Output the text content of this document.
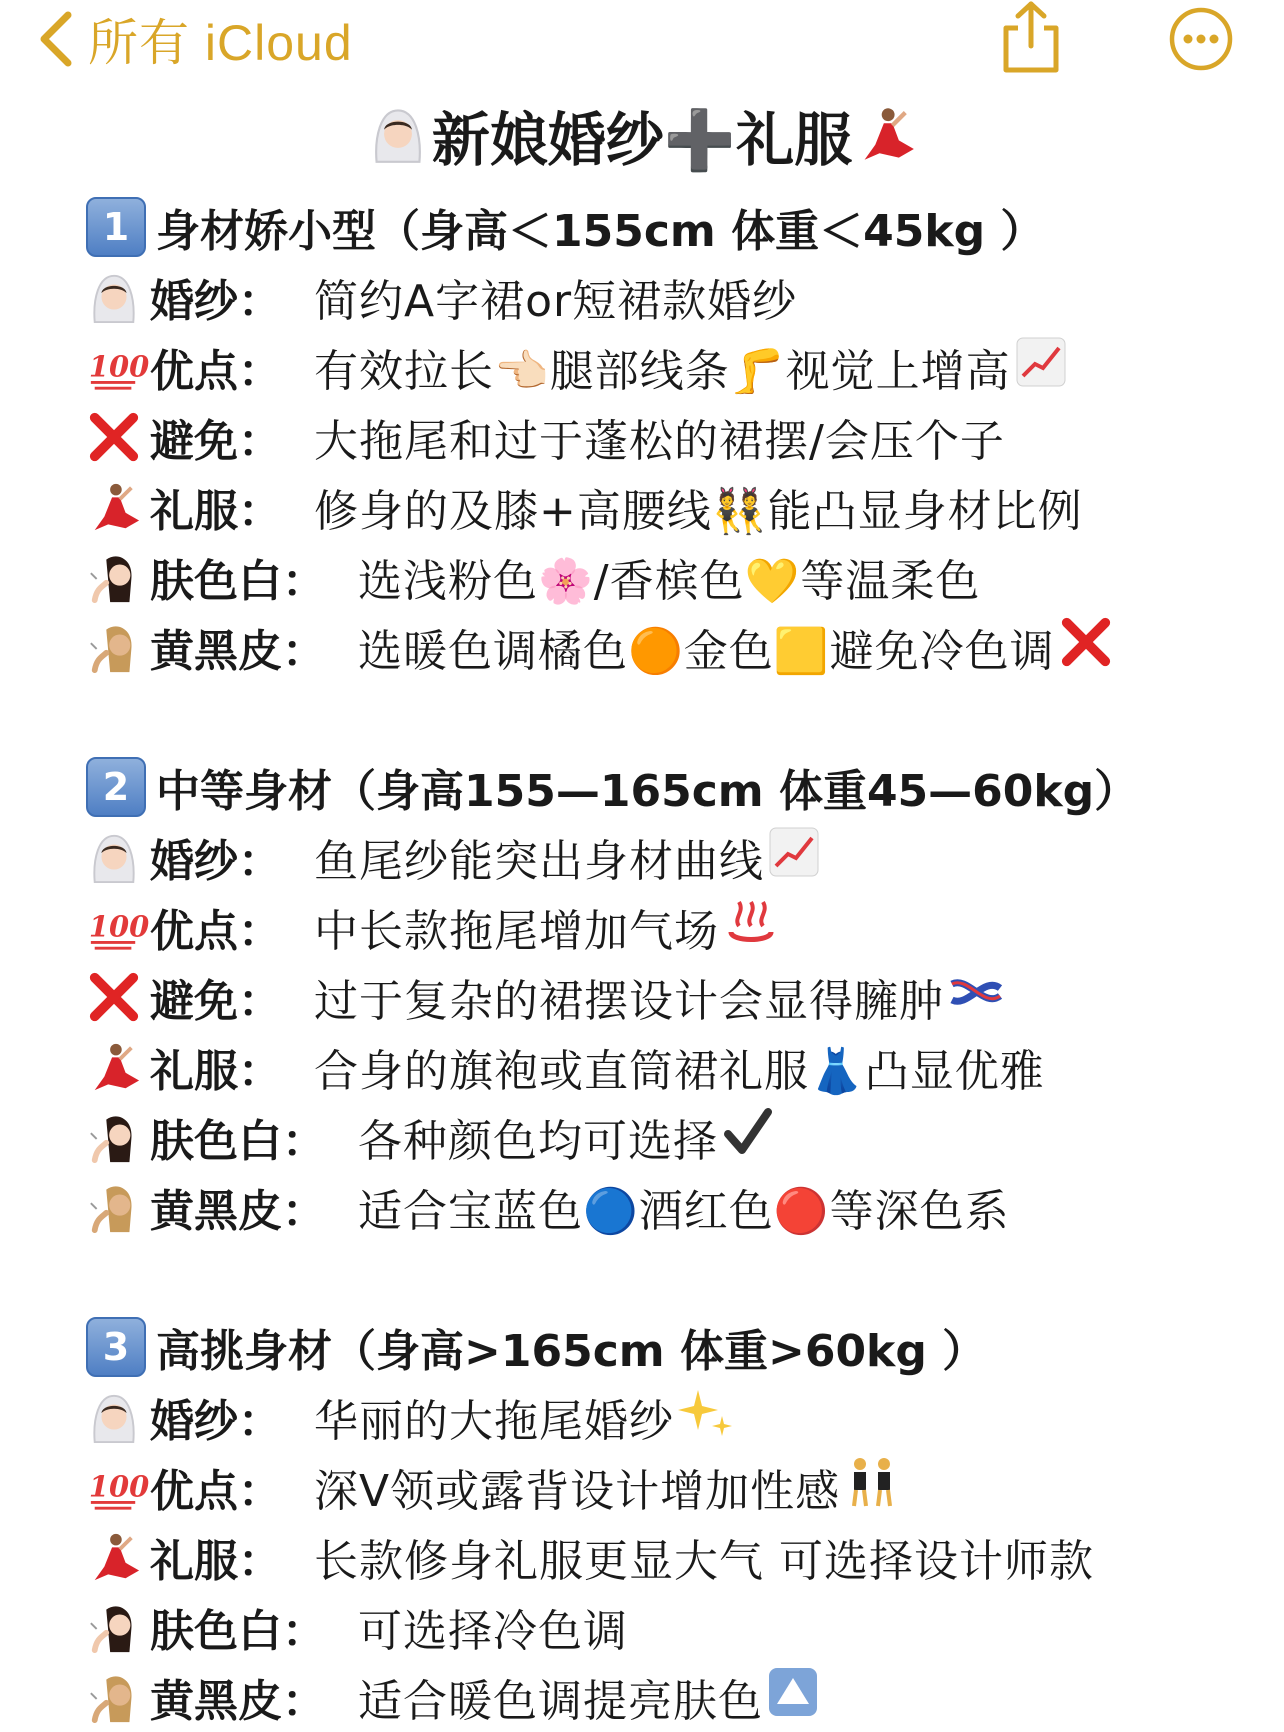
所有 iCloud
新娘婚纱➕礼服
1 身材娇小型（身高＜155cm 体重＜45kg ）
婚纱： 简约A字裙or短裙款婚纱
100 优点： 有效拉长👈🏻腿部线条🦵视觉上增高
避免： 大拖尾和过于蓬松的裙摆/会压个子
礼服： 修身的及膝+高腰线👯能凸显身材比例
肤色白： 选浅粉色🌸/香槟色💛等温柔色
黄黑皮： 选暖色调橘色🟠金色🟨避免冷色调
2 中等身材（身高155—165cm 体重45—60kg）
婚纱： 鱼尾纱能突出身材曲线
100 优点： 中长款拖尾增加气场
避免： 过于复杂的裙摆设计会显得臃肿
礼服： 合身的旗袍或直筒裙礼服👗凸显优雅
肤色白： 各种颜色均可选择
黄黑皮： 适合宝蓝色🔵酒红色🔴等深色系
3 高挑身材（身高>165cm 体重>60kg ）
婚纱： 华丽的大拖尾婚纱
100 优点： 深V领或露背设计增加性感
礼服： 长款修身礼服更显大气 可选择设计师款
肤色白： 可选择冷色调
黄黑皮： 适合暖色调提亮肤色
